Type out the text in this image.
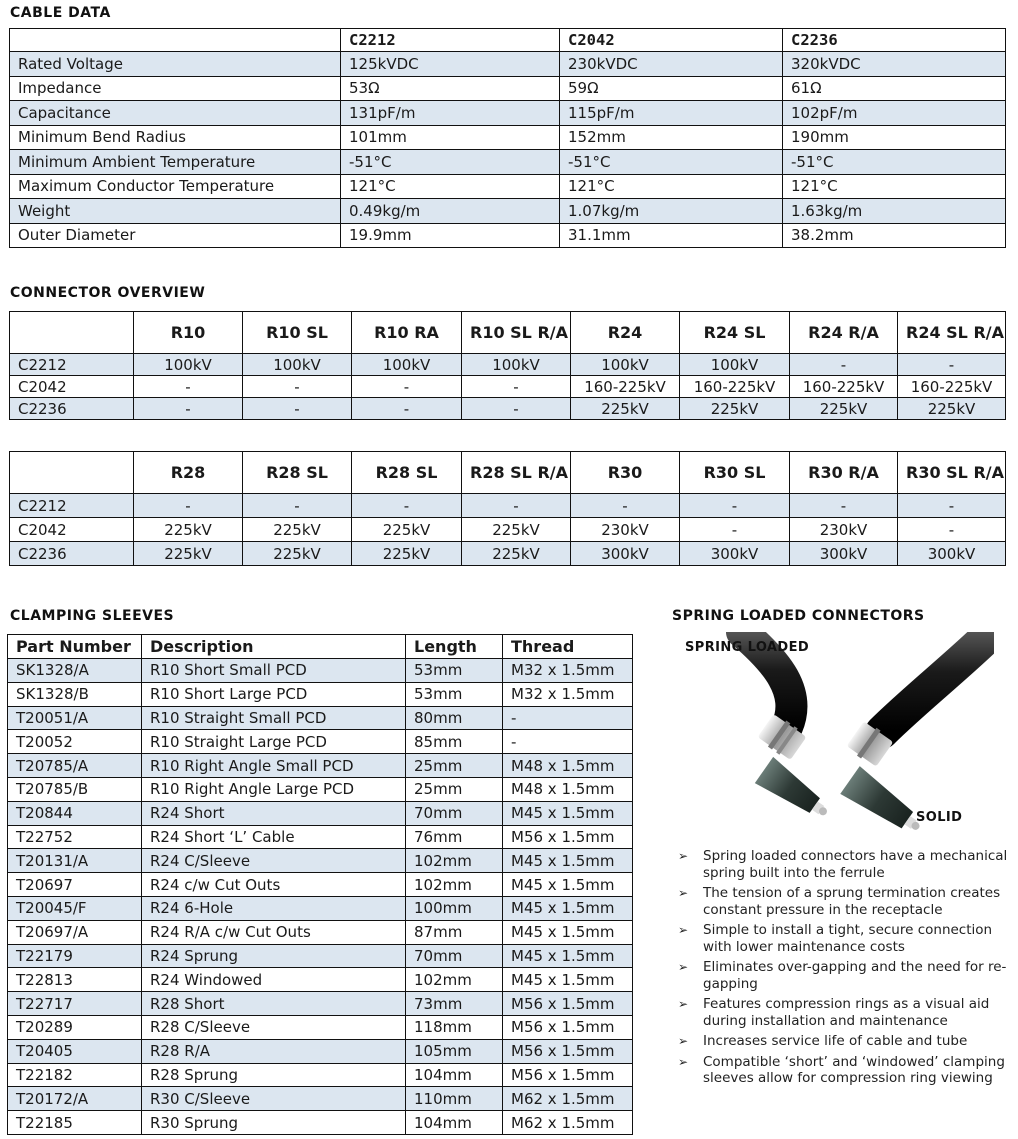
CABLE DATA
	C2212	C2042	C2236
Rated Voltage	125kVDC	230kVDC	320kVDC
Impedance	53Ω	59Ω	61Ω
Capacitance	131pF/m	115pF/m	102pF/m
Minimum Bend Radius	101mm	152mm	190mm
Minimum Ambient Temperature	-51°C	-51°C	-51°C
Maximum Conductor Temperature	121°C	121°C	121°C
Weight	0.49kg/m	1.07kg/m	1.63kg/m
Outer Diameter	19.9mm	31.1mm	38.2mm
CONNECTOR OVERVIEW
	R10	R10 SL	R10 RA	R10 SL R/A	R24	R24 SL	R24 R/A	R24 SL R/A
C2212	100kV	100kV	100kV	100kV	100kV	100kV	-	-
C2042	-	-	-	-	160-225kV	160-225kV	160-225kV	160-225kV
C2236	-	-	-	-	225kV	225kV	225kV	225kV
	R28	R28 SL	R28 SL	R28 SL R/A	R30	R30 SL	R30 R/A	R30 SL R/A
C2212	-	-	-	-	-	-	-	-
C2042	225kV	225kV	225kV	225kV	230kV	-	230kV	-
C2236	225kV	225kV	225kV	225kV	300kV	300kV	300kV	300kV
CLAMPING SLEEVES
Part Number	Description	Length	Thread
SK1328/A	R10 Short Small PCD	53mm	M32 x 1.5mm
SK1328/B	R10 Short Large PCD	53mm	M32 x 1.5mm
T20051/A	R10 Straight Small PCD	80mm	-
T20052	R10 Straight Large PCD	85mm	-
T20785/A	R10 Right Angle Small PCD	25mm	M48 x 1.5mm
T20785/B	R10 Right Angle Large PCD	25mm	M48 x 1.5mm
T20844	R24 Short	70mm	M45 x 1.5mm
T22752	R24 Short ‘L’ Cable	76mm	M56 x 1.5mm
T20131/A	R24 C/Sleeve	102mm	M45 x 1.5mm
T20697	R24 c/w Cut Outs	102mm	M45 x 1.5mm
T20045/F	R24 6-Hole	100mm	M45 x 1.5mm
T20697/A	R24 R/A c/w Cut Outs	87mm	M45 x 1.5mm
T22179	R24 Sprung	70mm	M45 x 1.5mm
T22813	R24 Windowed	102mm	M45 x 1.5mm
T22717	R28 Short	73mm	M56 x 1.5mm
T20289	R28 C/Sleeve	118mm	M56 x 1.5mm
T20405	R28 R/A	105mm	M56 x 1.5mm
T22182	R28 Sprung	104mm	M56 x 1.5mm
T20172/A	R30 C/Sleeve	110mm	M62 x 1.5mm
T22185	R30 Sprung	104mm	M62 x 1.5mm
SPRING LOADED CONNECTORS
SPRING LOADED
SOLID
➢ Spring loaded connectors have a mechanical spring built into the ferrule
➢ The tension of a sprung termination creates constant pressure in the receptacle
➢ Simple to install a tight, secure connection with lower maintenance costs
➢ Eliminates over-gapping and the need for re-gapping
➢ Features compression rings as a visual aid during installation and maintenance
➢ Increases service life of cable and tube
➢ Compatible ‘short’ and ‘windowed’ clamping sleeves allow for compression ring viewing
